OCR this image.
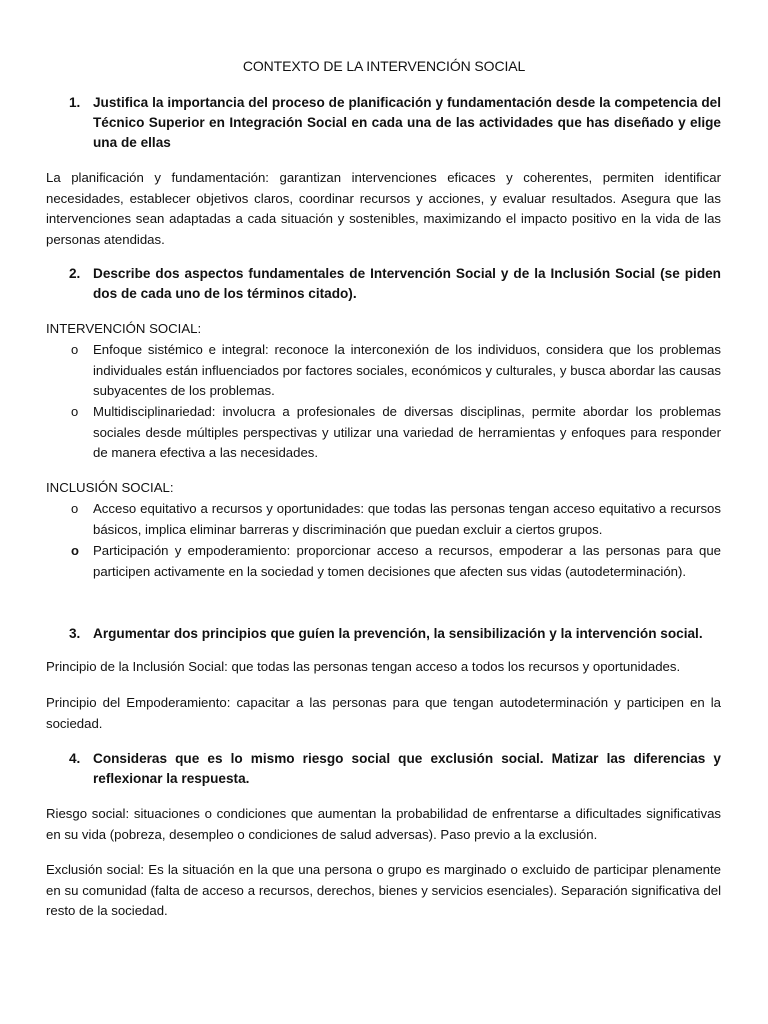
CONTEXTO DE LA INTERVENCIÓN SOCIAL
1. Justifica la importancia del proceso de planificación y fundamentación desde la competencia del Técnico Superior en Integración Social en cada una de las actividades que has diseñado y elige una de ellas
La planificación y fundamentación: garantizan intervenciones eficaces y coherentes, permiten identificar necesidades, establecer objetivos claros, coordinar recursos y acciones, y evaluar resultados. Asegura que las intervenciones sean adaptadas a cada situación y sostenibles, maximizando el impacto positivo en la vida de las personas atendidas.
2. Describe dos aspectos fundamentales de Intervención Social y de la Inclusión Social (se piden dos de cada uno de los términos citado).
INTERVENCIÓN SOCIAL:
o Enfoque sistémico e integral: reconoce la interconexión de los individuos, considera que los problemas individuales están influenciados por factores sociales, económicos y culturales, y busca abordar las causas subyacentes de los problemas.
o Multidisciplinariedad: involucra a profesionales de diversas disciplinas, permite abordar los problemas sociales desde múltiples perspectivas y utilizar una variedad de herramientas y enfoques para responder de manera efectiva a las necesidades.
INCLUSIÓN SOCIAL:
o Acceso equitativo a recursos y oportunidades: que todas las personas tengan acceso equitativo a recursos básicos, implica eliminar barreras y discriminación que puedan excluir a ciertos grupos.
o Participación y empoderamiento: proporcionar acceso a recursos, empoderar a las personas para que participen activamente en la sociedad y tomen decisiones que afecten sus vidas (autodeterminación).
3. Argumentar dos principios que guíen la prevención, la sensibilización y la intervención social.
Principio de la Inclusión Social: que todas las personas tengan acceso a todos los recursos y oportunidades.
Principio del Empoderamiento: capacitar a las personas para que tengan autodeterminación y participen en la sociedad.
4. Consideras que es lo mismo riesgo social que exclusión social. Matizar las diferencias y reflexionar la respuesta.
Riesgo social: situaciones o condiciones que aumentan la probabilidad de enfrentarse a dificultades significativas en su vida (pobreza, desempleo o condiciones de salud adversas). Paso previo a la exclusión.
Exclusión social: Es la situación en la que una persona o grupo es marginado o excluido de participar plenamente en su comunidad (falta de acceso a recursos, derechos, bienes y servicios esenciales). Separación significativa del resto de la sociedad.
